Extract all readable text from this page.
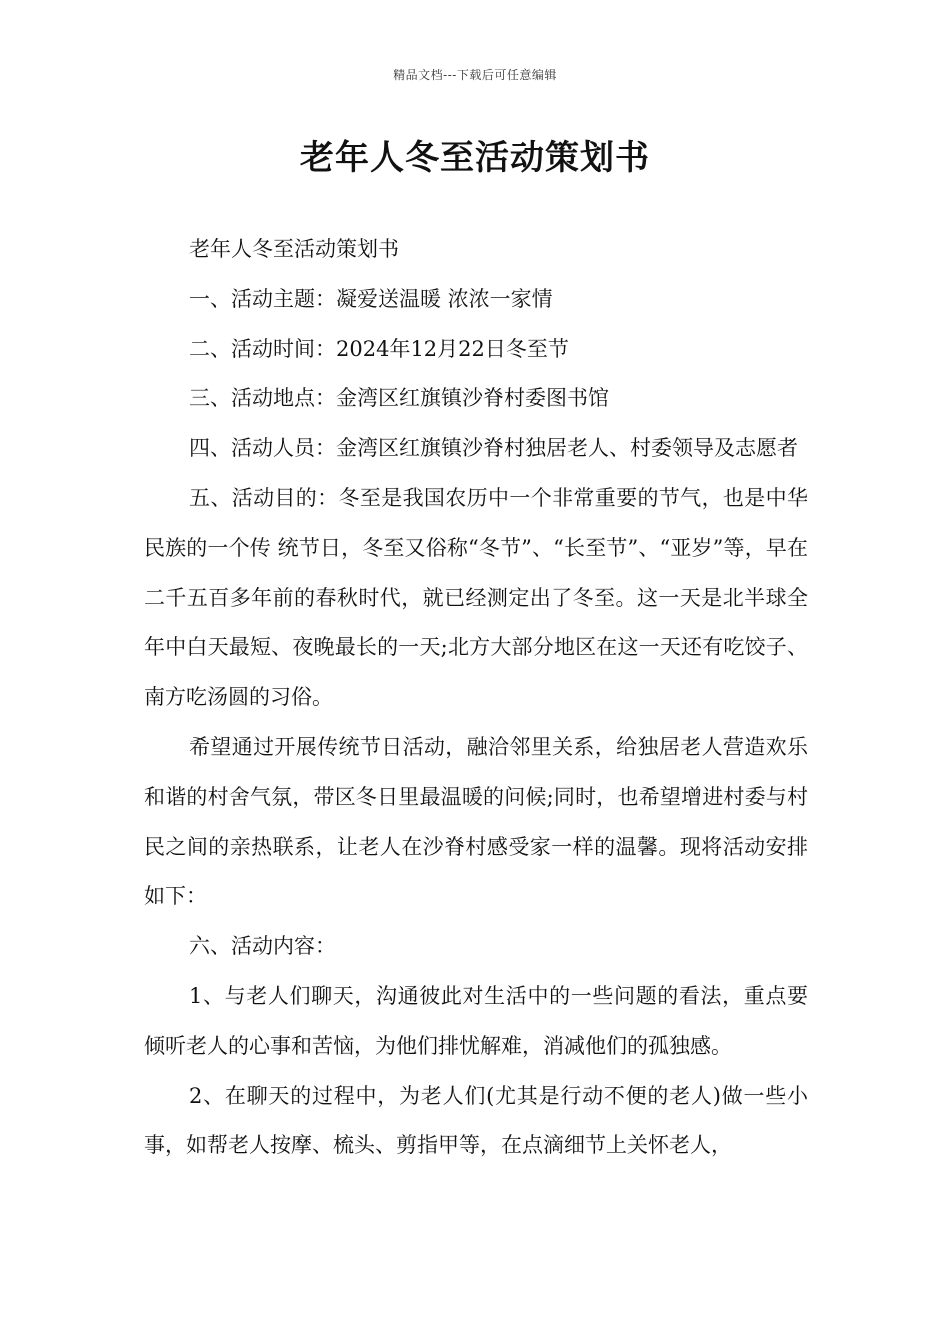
精品文档---下载后可任意编辑
老年人冬至活动策划书

老年人冬至活动策划书

一、活动主题：凝爱送温暖 浓浓一家情

二、活动时间：2024年12月22日冬至节

三、活动地点：金湾区红旗镇沙脊村委图书馆

四、活动人员：金湾区红旗镇沙脊村独居老人、村委领导及志愿者

五、活动目的：冬至是我国农历中一个非常重要的节气，也是中华民族的一个传 统节日，冬至又俗称“冬节”、“长至节”、“亚岁”等，早在二千五百多年前的春秋时代，就已经测定出了冬至。这一天是北半球全年中白天最短、夜晚最长的一天;北方大部分地区在这一天还有吃饺子、南方吃汤圆的习俗。

希望通过开展传统节日活动，融洽邻里关系，给独居老人营造欢乐和谐的村舍气氛，带区冬日里最温暖的问候;同时，也希望增进村委与村民之间的亲热联系，让老人在沙脊村感受家一样的温馨。现将活动安排如下：

六、活动内容：

1、与老人们聊天，沟通彼此对生活中的一些问题的看法，重点要倾听老人的心事和苦恼，为他们排忧解难，消减他们的孤独感。

2、在聊天的过程中，为老人们(尤其是行动不便的老人)做一些小事，如帮老人按摩、梳头、剪指甲等，在点滴细节上关怀老人，
